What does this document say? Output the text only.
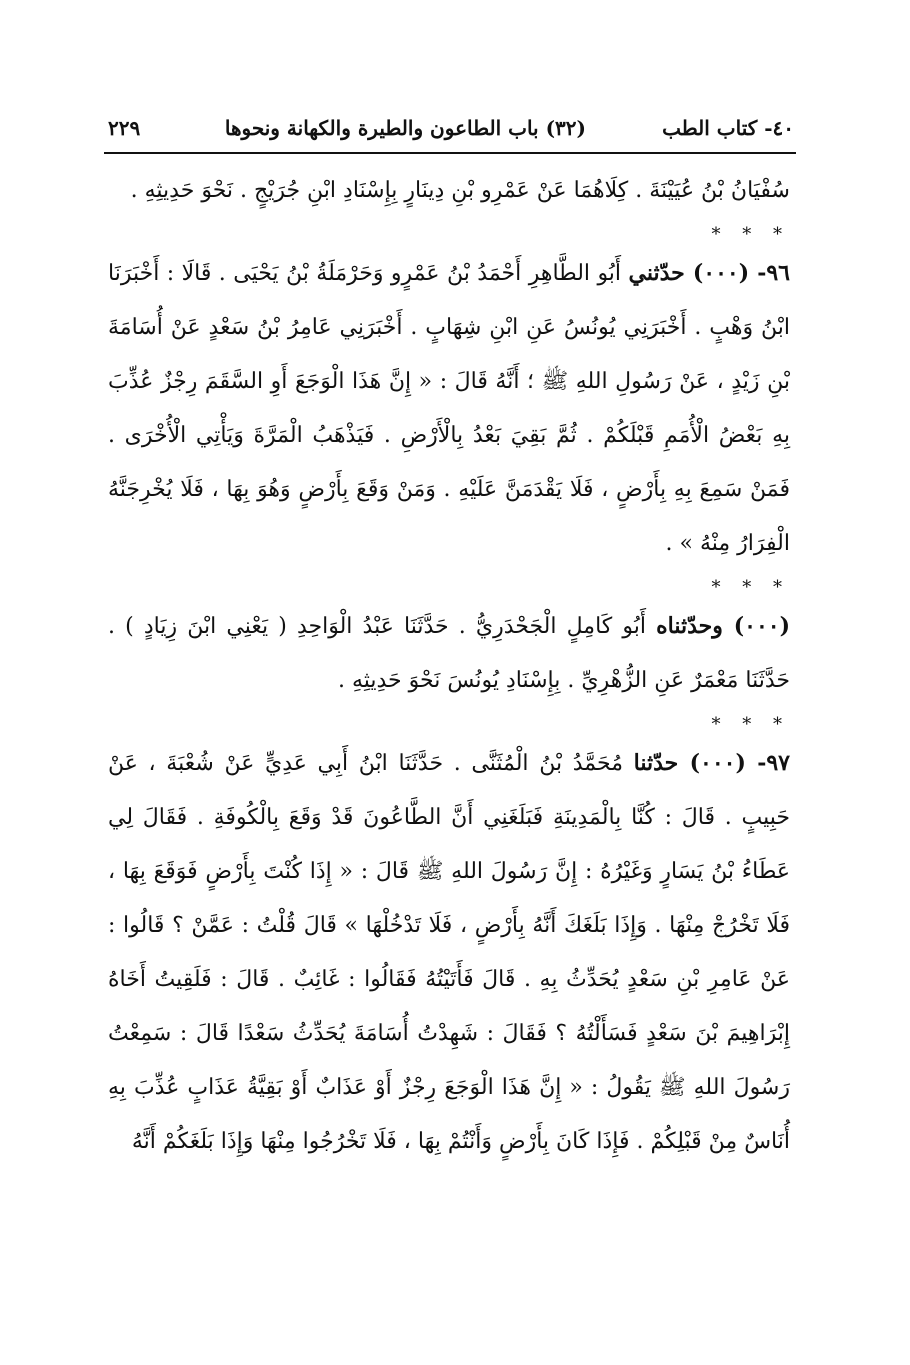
٤٠- كتاب الطب
(٣٢) باب الطاعون والطيرة والكهانة ونحوها
٢٢٩

سُفْيَانُ بْنُ عُيَيْنَةَ . كِلَاهُمَا عَنْ عَمْرِو بْنِ دِينَارٍ بِإِسْنَادِ ابْنِ جُرَيْجٍ . نَحْوَ حَدِيثِهِ .

* * *

٩٦- (٠٠٠) حدّثني أَبُو الطَّاهِرِ أَحْمَدُ بْنُ عَمْرٍو وَحَرْمَلَةُ بْنُ يَحْيَى . قَالَا : أَخْبَرَنَا ابْنُ وَهْبٍ . أَخْبَرَنِي يُونُسُ عَنِ ابْنِ شِهَابٍ . أَخْبَرَنِي عَامِرُ بْنُ سَعْدٍ عَنْ أُسَامَةَ بْنِ زَيْدٍ ، عَنْ رَسُولِ اللهِ ﷺ ؛ أَنَّهُ قَالَ : « إِنَّ هَذَا الْوَجَعَ أَوِ السَّقَمَ رِجْزٌ عُذِّبَ بِهِ بَعْضُ الْأُمَمِ قَبْلَكُمْ . ثُمَّ بَقِيَ بَعْدُ بِالْأَرْضِ . فَيَذْهَبُ الْمَرَّةَ وَيَأْتِي الْأُخْرَى . فَمَنْ سَمِعَ بِهِ بِأَرْضٍ ، فَلَا يَقْدَمَنَّ عَلَيْهِ . وَمَنْ وَقَعَ بِأَرْضٍ وَهُوَ بِهَا ، فَلَا يُخْرِجَنَّهُ الْفِرَارُ مِنْهُ » .

* * *

(٠٠٠) وحدّثناه أَبُو كَامِلٍ الْجَحْدَرِيُّ . حَدَّثَنَا عَبْدُ الْوَاحِدِ ( يَعْنِي ابْنَ زِيَادٍ ) . حَدَّثَنَا مَعْمَرٌ عَنِ الزُّهْرِيِّ . بِإِسْنَادِ يُونُسَ نَحْوَ حَدِيثِهِ .

* * *

٩٧- (٠٠٠) حدّثنا مُحَمَّدُ بْنُ الْمُثَنَّى . حَدَّثَنَا ابْنُ أَبِي عَدِيٍّ عَنْ شُعْبَةَ ، عَنْ حَبِيبٍ . قَالَ : كُنَّا بِالْمَدِينَةِ فَبَلَغَنِي أَنَّ الطَّاعُونَ قَدْ وَقَعَ بِالْكُوفَةِ . فَقَالَ لِي عَطَاءُ بْنُ يَسَارٍ وَغَيْرُهُ : إِنَّ رَسُولَ اللهِ ﷺ قَالَ : « إِذَا كُنْتَ بِأَرْضٍ فَوَقَعَ بِهَا ، فَلَا تَخْرُجْ مِنْهَا . وَإِذَا بَلَغَكَ أَنَّهُ بِأَرْضٍ ، فَلَا تَدْخُلْهَا » قَالَ قُلْتُ : عَمَّنْ ؟ قَالُوا : عَنْ عَامِرِ بْنِ سَعْدٍ يُحَدِّثُ بِهِ . قَالَ فَأَتَيْتُهُ فَقَالُوا : غَائِبٌ . قَالَ : فَلَقِيتُ أَخَاهُ إِبْرَاهِيمَ بْنَ سَعْدٍ فَسَأَلْتُهُ ؟ فَقَالَ : شَهِدْتُ أُسَامَةَ يُحَدِّثُ سَعْدًا قَالَ : سَمِعْتُ رَسُولَ اللهِ ﷺ يَقُولُ : « إِنَّ هَذَا الْوَجَعَ رِجْزٌ أَوْ عَذَابٌ أَوْ بَقِيَّةُ عَذَابٍ عُذِّبَ بِهِ أُنَاسٌ مِنْ قَبْلِكُمْ . فَإِذَا كَانَ بِأَرْضٍ وَأَنْتُمْ بِهَا ، فَلَا تَخْرُجُوا مِنْهَا وَإِذَا بَلَغَكُمْ أَنَّهُ
